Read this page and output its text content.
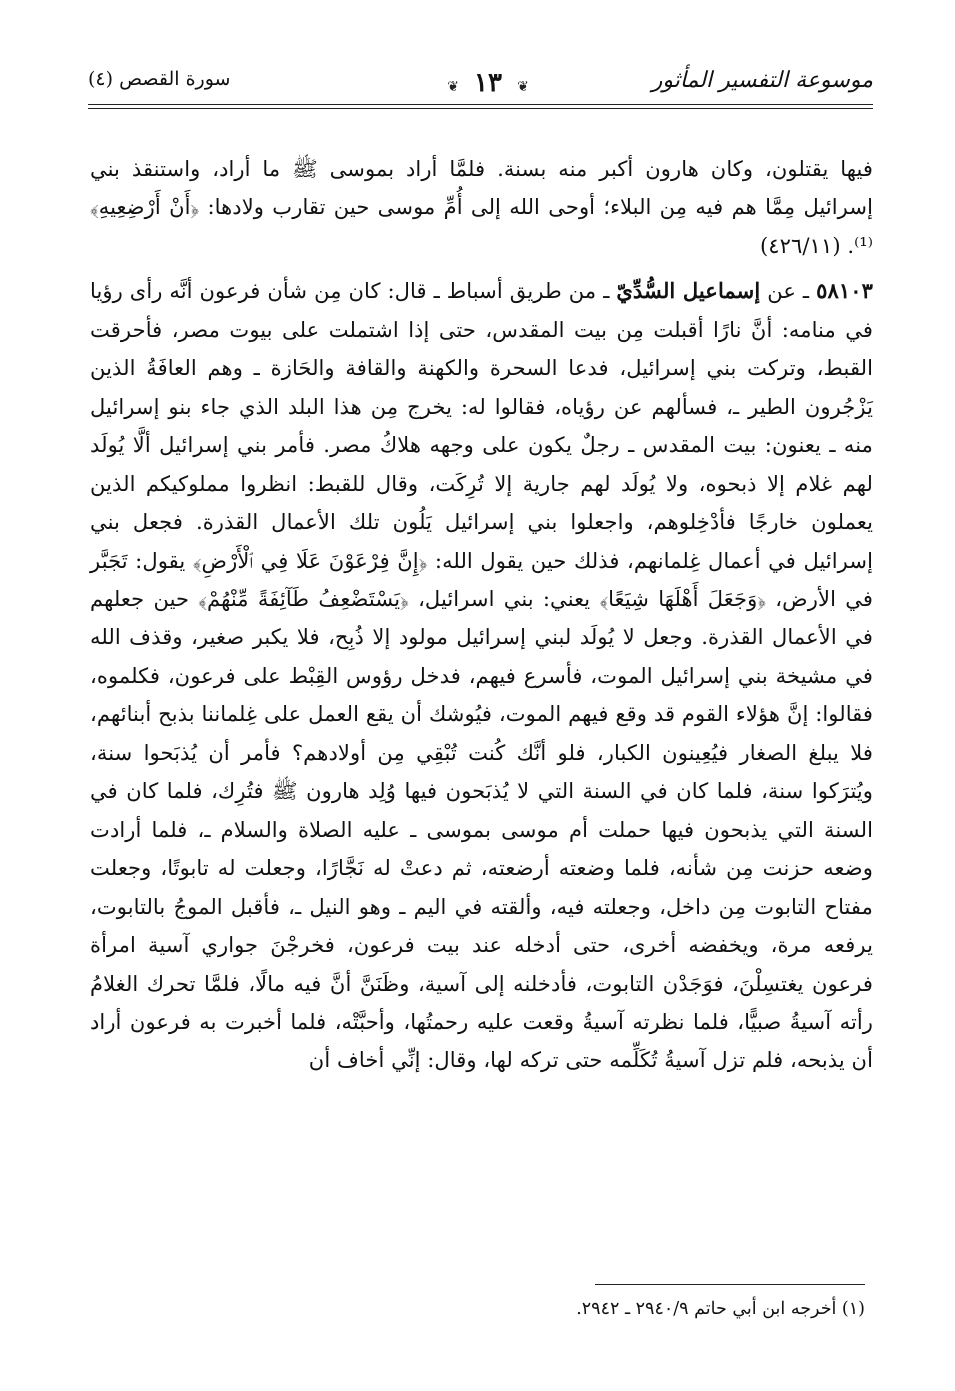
موسوعة التفسير المأثور
❦ ١٣ ❦
سورة القصص (٤)

فيها يقتلون، وكان هارون أكبر منه بسنة. فلمَّا أراد بموسى ﷺ ما أراد، واستنقذ بني إسرائيل مِمَّا هم فيه مِن البلاء؛ أوحى الله إلى أُمِّ موسى حين تقارب ولادها: ﴿أَنْ أَرْضِعِيهِ﴾⁽¹⁾. (٤٢٦/١١)

٥٨١٠٣ ـ عن إسماعيل السُّدِّيّ ـ من طريق أسباط ـ قال: كان مِن شأن فرعون أنَّه رأى رؤيا في منامه: أنَّ نارًا أقبلت مِن بيت المقدس، حتى إذا اشتملت على بيوت مصر، فأحرقت القبط، وتركت بني إسرائيل، فدعا السحرة والكهنة والقافة والحَازة ـ وهم العافَةُ الذين يَزْجُرون الطير ـ، فسألهم عن رؤياه، فقالوا له: يخرج مِن هذا البلد الذي جاء بنو إسرائيل منه ـ يعنون: بيت المقدس ـ رجلٌ يكون على وجهه هلاكُ مصر. فأمر بني إسرائيل ألَّا يُولَد لهم غلام إلا ذبحوه، ولا يُولَد لهم جارية إلا تُرِكَت، وقال للقبط: انظروا مملوكيكم الذين يعملون خارجًا فأدْخِلوهم، واجعلوا بني إسرائيل يَلُون تلك الأعمال القذرة. فجعل بني إسرائيل في أعمال غِلمانهم، فذلك حين يقول الله: ﴿إِنَّ فِرْعَوْنَ عَلَا فِي ٱلْأَرْضِ﴾ يقول: تَجَبَّر في الأرض، ﴿وَجَعَلَ أَهْلَهَا شِيَعًا﴾ يعني: بني اسرائيل، ﴿يَسْتَضْعِفُ طَآئِفَةً مِّنْهُمْ﴾ حين جعلهم في الأعمال القذرة. وجعل لا يُولَد لبني إسرائيل مولود إلا ذُبِح، فلا يكبر صغير، وقذف الله في مشيخة بني إسرائيل الموت، فأسرع فيهم، فدخل رؤوس القِبْط على فرعون، فكلموه، فقالوا: إنَّ هؤلاء القوم قد وقع فيهم الموت، فيُوشك أن يقع العمل على غِلماننا بذبح أبنائهم، فلا يبلغ الصغار فيُعِينون الكبار، فلو أنَّك كُنت تُبْقِي مِن أولادهم؟ فأمر أن يُذبَحوا سنة، ويُترَكوا سنة، فلما كان في السنة التي لا يُذبَحون فيها وُلِد هارون ﷺ فتُرِك، فلما كان في السنة التي يذبحون فيها حملت أم موسى بموسى ـ عليه الصلاة والسلام ـ، فلما أرادت وضعه حزنت مِن شأنه، فلما وضعته أرضعته، ثم دعتْ له نَجَّارًا، وجعلت له تابوتًا، وجعلت مفتاح التابوت مِن داخل، وجعلته فيه، وألقته في اليم ـ وهو النيل ـ، فأقبل الموجُ بالتابوت، يرفعه مرة، ويخفضه أخرى، حتى أدخله عند بيت فرعون، فخرجْنَ جواري آسية امرأة فرعون يغتسِلْنَ، فوَجَدْن التابوت، فأدخلنه إلى آسية، وظَنَنَّ أنَّ فيه مالًا، فلمَّا تحرك الغلامُ رأته آسيةُ صبيًّا، فلما نظرته آسيةُ وقعت عليه رحمتُها، وأحبَّتْه، فلما أخبرت به فرعون أراد أن يذبحه، فلم تزل آسيةُ تُكَلِّمه حتى تركه لها، وقال: إنِّي أخاف أن

(١) أخرجه ابن أبي حاتم ٢٩٤٠/٩ ـ ٢٩٤٢.
